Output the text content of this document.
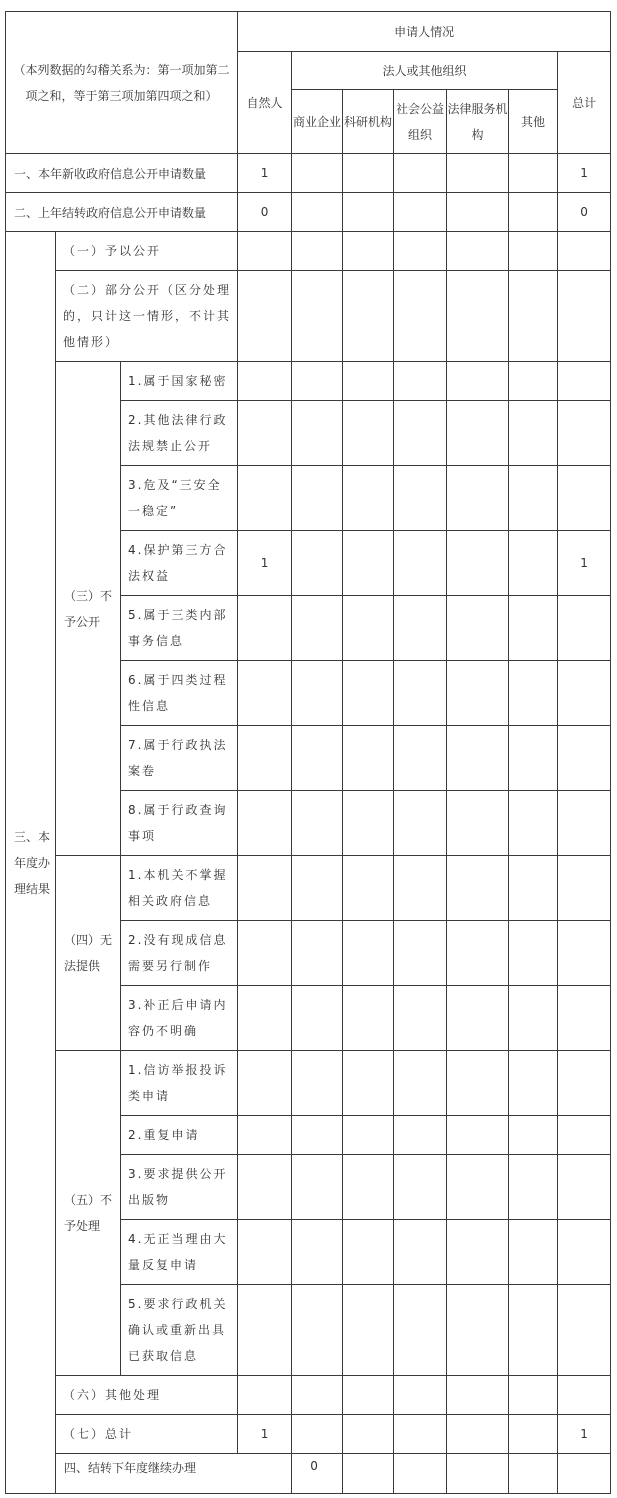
（本列数据的勾稽关系为：第一项加第二项之和，等于第三项加第四项之和）			申请人情况							
			自然人	法人或其他组织					总计	
				商业企业	科研机构	社会公益组织	法律服务机构	其他		
一、本年新收政府信息公开申请数量			1						1	
二、上年结转政府信息公开申请数量			0						0	
三、本年度办理结果	（一）予以公开									
	（二）部分公开（区分处理的，只计这一情形，不计其他情形）									
	（三）不予公开	1.属于国家秘密								
		2.其他法律行政法规禁止公开								
		3.危及“三安全一稳定”								
		4.保护第三方合法权益	1						1	
		5.属于三类内部事务信息								
		6.属于四类过程性信息								
		7.属于行政执法案卷								
		8.属于行政查询事项								
	（四）无法提供	1.本机关不掌握相关政府信息								
		2.没有现成信息需要另行制作								
		3.补正后申请内容仍不明确								
	（五）不予处理	1.信访举报投诉类申请								
		2.重复申请								
		3.要求提供公开出版物								
		4.无正当理由大量反复申请								
		5.要求行政机关确认或重新出具已获取信息								
	（六）其他处理									
	（七）总计		1						1	
	四、结转下年度继续办理			0						
